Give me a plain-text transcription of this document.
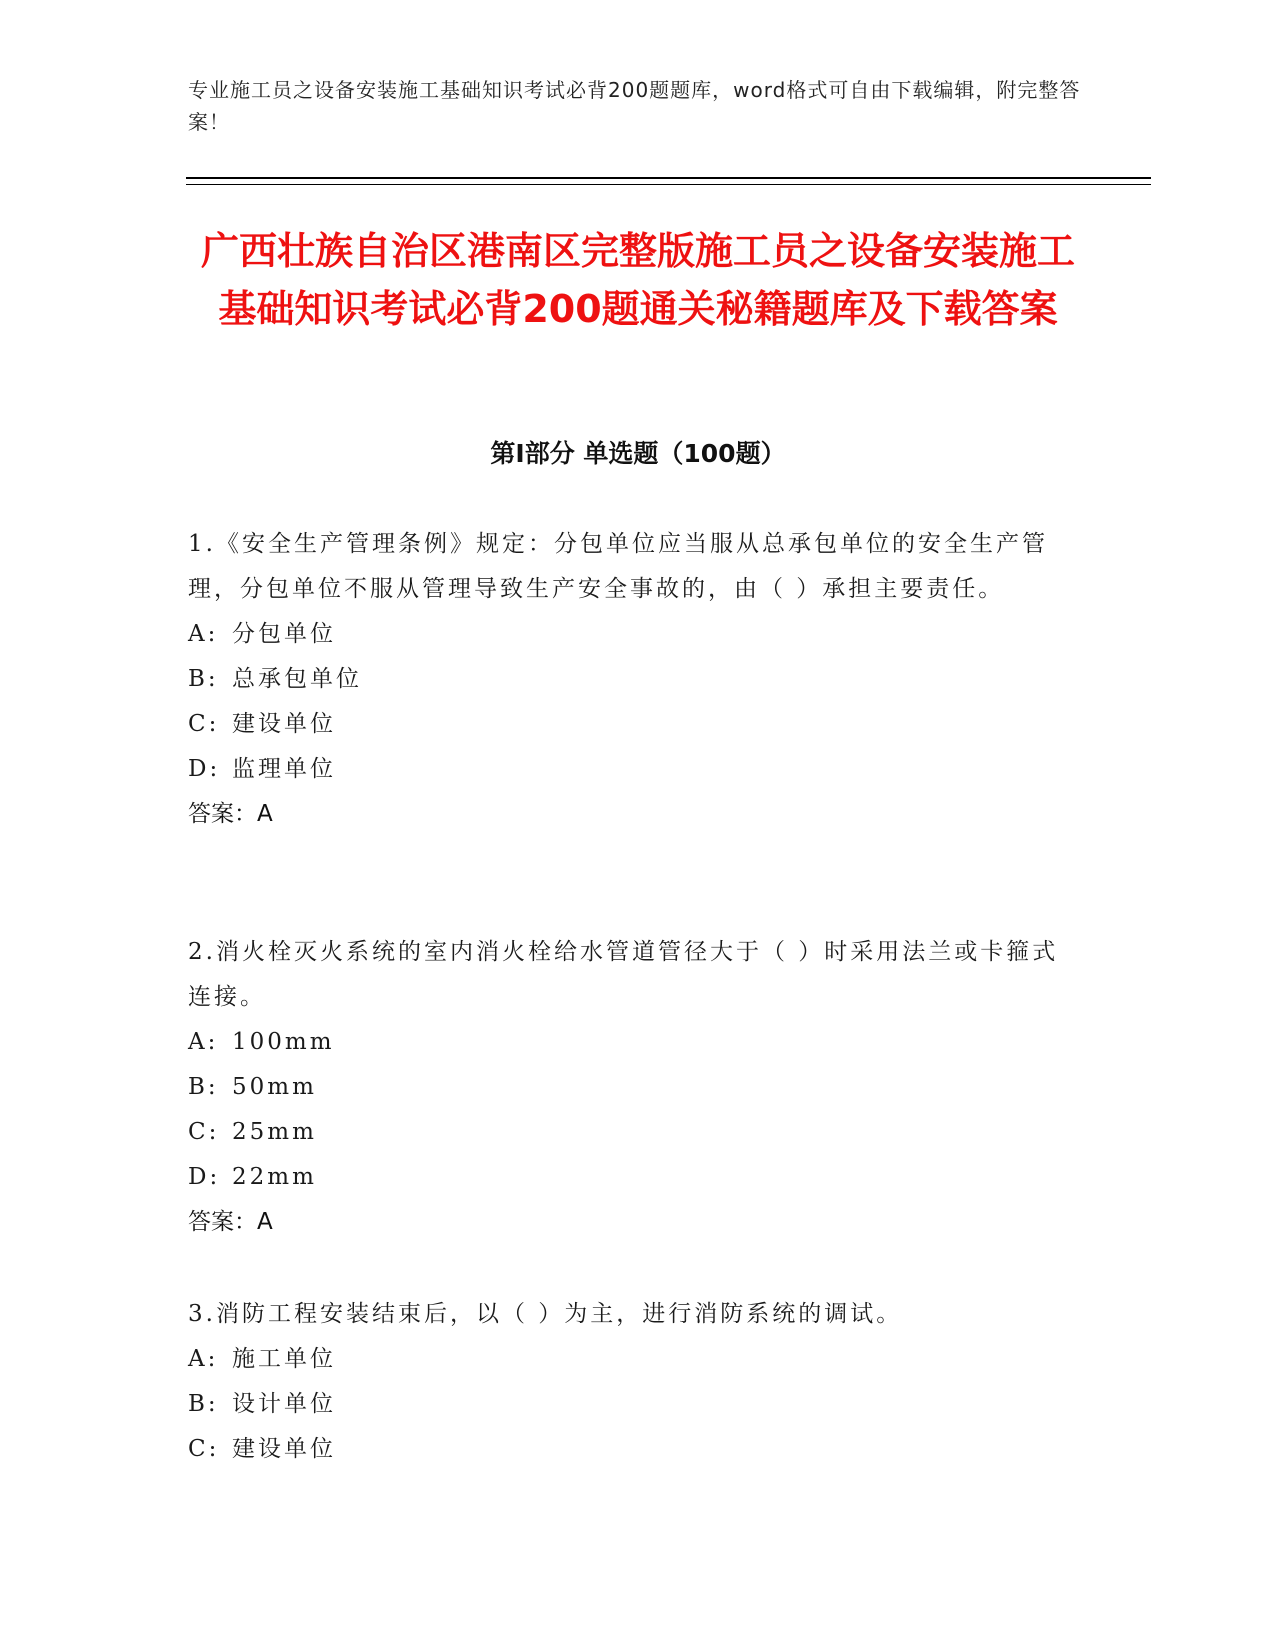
专业施工员之设备安装施工基础知识考试必背200题题库，word格式可自由下载编辑，附完整答案！
广西壮族自治区港南区完整版施工员之设备安装施工基础知识考试必背200题通关秘籍题库及下载答案
第Ⅰ部分 单选题（100题）
1.《安全生产管理条例》规定：分包单位应当服从总承包单位的安全生产管理，分包单位不服从管理导致生产安全事故的，由（ ）承担主要责任。
A: 分包单位
B: 总承包单位
C: 建设单位
D: 监理单位
答案：A
2.消火栓灭火系统的室内消火栓给水管道管径大于（ ）时采用法兰或卡箍式连接。
A: 100mm
B: 50mm
C: 25mm
D: 22mm
答案：A
3.消防工程安装结束后，以（ ）为主，进行消防系统的调试。
A: 施工单位
B: 设计单位
C: 建设单位
